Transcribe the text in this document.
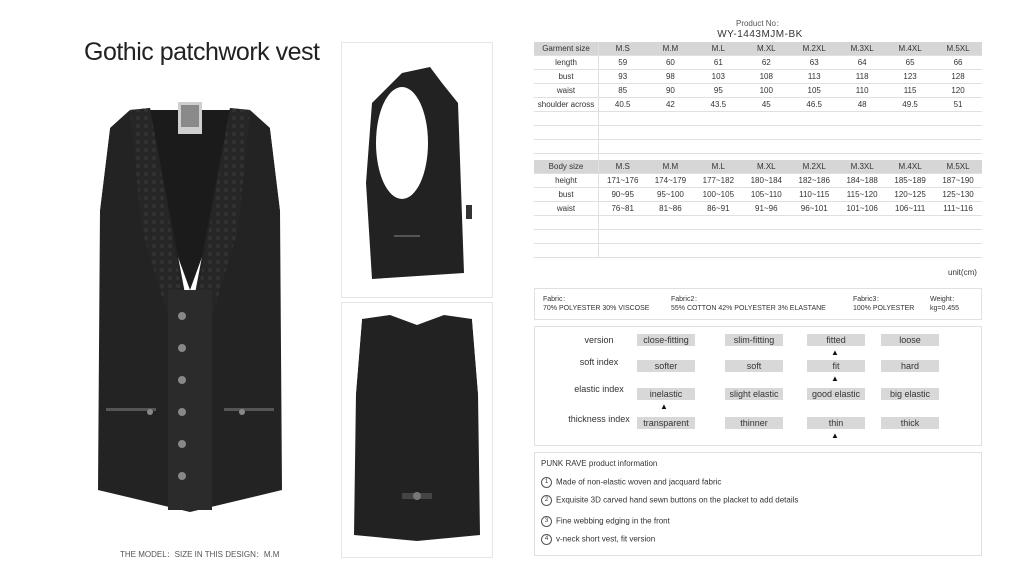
Gothic patchwork vest
THE MODEL：SIZE IN THIS DESIGN：M.M
Product No：
WY-1443MJM-BK
Garment size	M.S	M.M	M.L	M.XL	M.2XL	M.3XL	M.4XL	M.5XL
length	59	60	61	62	63	64	65	66
bust	93	98	103	108	113	118	123	128
waist	85	90	95	100	105	110	115	120
shoulder across	40.5	42	43.5	45	46.5	48	49.5	51

Body size	M.S	M.M	M.L	M.XL	M.2XL	M.3XL	M.4XL	M.5XL
height	171~176	174~179	177~182	180~184	182~186	184~188	185~189	187~190
bust	90~95	95~100	100~105	105~110	110~115	115~120	120~125	125~130
waist	76~81	81~86	86~91	91~96	96~101	101~106	106~111	111~116

unit(cm)
Fabric：
70% POLYESTER 30% VISCOSE
Fabric2：
55% COTTON 42% POLYESTER 3% ELASTANE
Fabric3：
100% POLYESTER
Weight：
kg=0.455
version	close-fitting	slim-fitting	fitted	loose
▲
soft index	softer	soft	fit	hard
▲
elastic index	inelastic	slight elastic	good elastic	big elastic
▲
thickness index	transparent	thinner	thin	thick
▲
PUNK RAVE product information
1 Made of non-elastic woven and jacquard fabric
2 Exquisite 3D carved hand sewn buttons on the placket to add details
3 Fine webbing edging in the front
4 v-neck short vest, fit version
